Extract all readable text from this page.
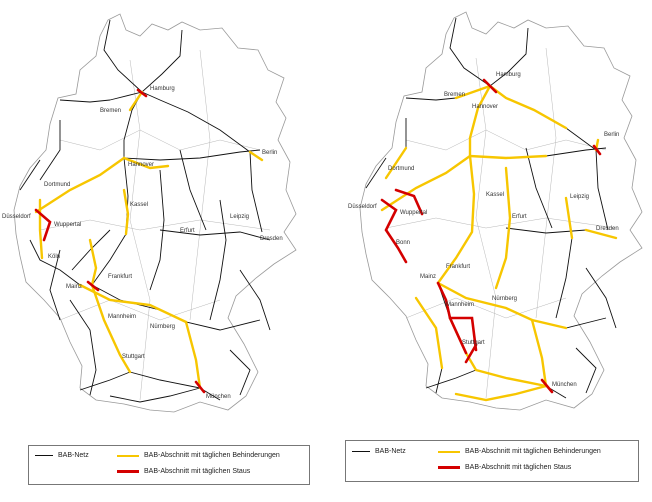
Hamburg
Bremen
Hannover
Berlin
Dortmund
Düsseldorf
Wuppertal
Köln
Kassel
Erfurt
Leipzig
Dresden
Mainz
Frankfurt
Mannheim
Nürnberg
Stuttgart
München
Hamburg
Bremen
Hannover
Berlin
Dortmund
Düsseldorf
Wuppertal
Bonn
Kassel
Erfurt
Leipzig
Dresden
Mainz
Frankfurt
Mannheim
Nürnberg
Stuttgart
München
BAB-Netz	BAB-Abschnitt mit täglichen Behinderungen
BAB-Abschnitt mit täglichen Staus
BAB-Netz	BAB-Abschnitt mit täglichen Behinderungen
BAB-Abschnitt mit täglichen Staus
